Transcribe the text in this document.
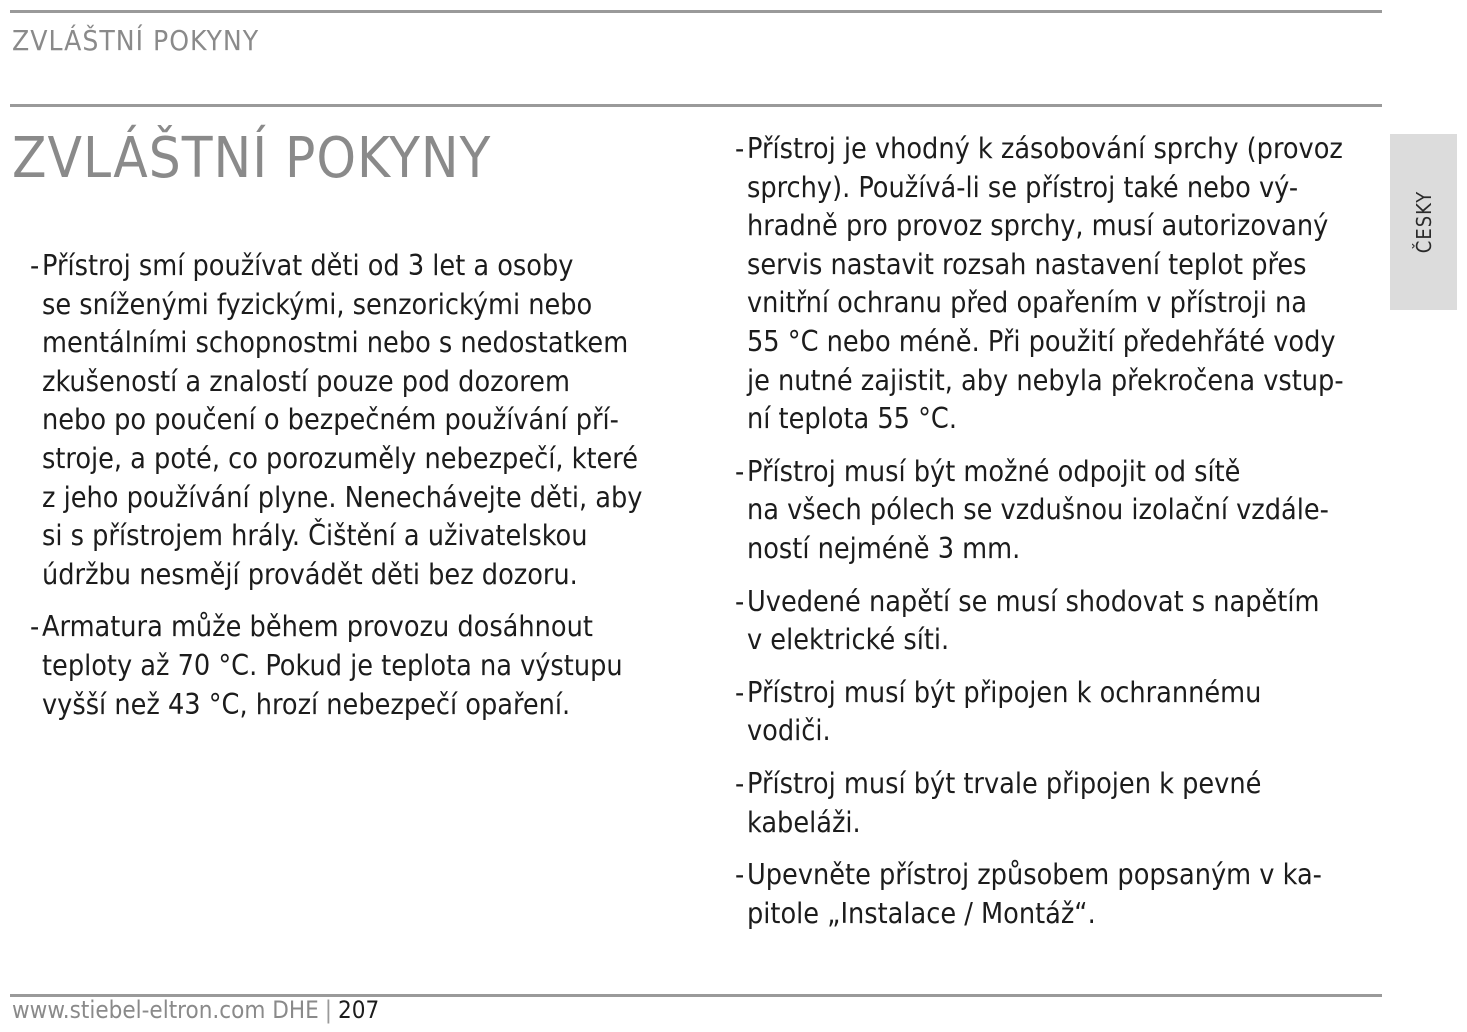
ZVLÁŠTNÍ POKYNY
ZVLÁŠTNÍ POKYNY
- Přístroj smí používat děti od 3 let a osoby
se sníženými fyzickými, senzorickými nebo
mentálními schopnostmi nebo s nedostatkem
zkušeností a znalostí pouze pod dozorem
nebo po poučení o bezpečném používání pří-
stroje, a poté, co porozuměly nebezpečí, které
z jeho používání plyne. Nenechávejte děti, aby
si s přístrojem hrály. Čištění a uživatelskou
údržbu nesmějí provádět děti bez dozoru.
- Armatura může během provozu dosáhnout
teploty až 70 °C. Pokud je teplota na výstupu
vyšší než 43 °C, hrozí nebezpečí opaření.
- Přístroj je vhodný k zásobování sprchy (provoz
sprchy). Používá-li se přístroj také nebo vý-
hradně pro provoz sprchy, musí autorizovaný
servis nastavit rozsah nastavení teplot přes
vnitřní ochranu před opařením v přístroji na
55 °C nebo méně. Při použití předehřáté vody
je nutné zajistit, aby nebyla překročena vstup-
ní teplota 55 °C.
- Přístroj musí být možné odpojit od sítě
na všech pólech se vzdušnou izolační vzdále-
ností nejméně 3 mm.
- Uvedené napětí se musí shodovat s napětím
v elektrické síti.
- Přístroj musí být připojen k ochrannému
vodiči.
- Přístroj musí být trvale připojen k pevné
kabeláži.
- Upevněte přístroj způsobem popsaným v ka-
pitole „Instalace / Montáž“.
ČESKY
www.stiebel-eltron.com DHE | 207
